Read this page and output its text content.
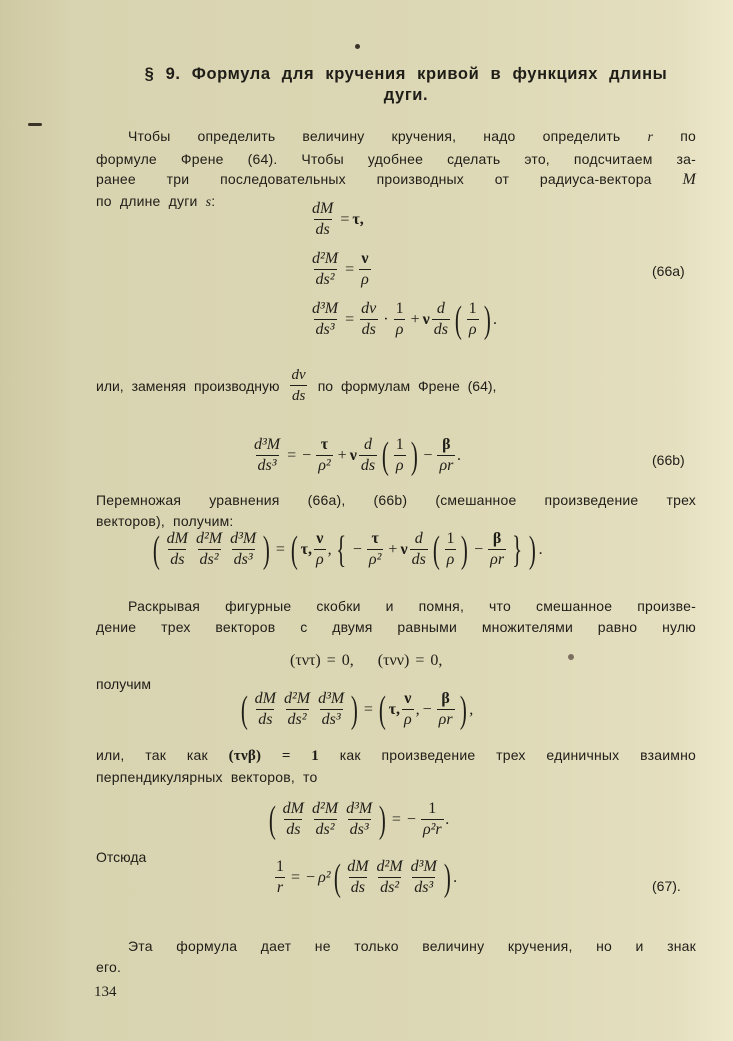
§ 9. Формула для кручения кривой в функциях длины
дуги.
Чтобы определить величину кручения, надо определить r по
формуле Френе (64). Чтобы удобнее сделать это, подсчитаем за-
ранее три последовательных производных от радиуса-вектора M
по длине дуги s:	$\frac{dM}{ds} = \tau$,
$\frac{\text{d²M}}{\text{ds²}} = \frac{\nu}{\rho}$	(66a)
$\frac{\text{d³M}}{\text{ds³}} = \frac{d\nu}{ds} \cdot \frac{1}{\rho} + \nu \frac{d}{ds}$ ( $\frac{1}{\rho}$ ) .
или, заменяя производную $\frac{d\nu}{ds}$ по формулам Френе (64),
$\frac{\text{d³M}}{\text{ds³}}$ = − $\frac{\tau}{\text{ρ²}} + \nu \frac{d}{ds}$ ( $\frac{1}{\rho}$ ) − $\frac{\beta}{\rho r}$ .	(66b)
Перемножая уравнения (66a), (66b) (смешанное произведение трех
векторов), получим:
( $\frac{dM}{ds} \frac{\text{d²M}}{\text{ds²}} \frac{\text{d³M}}{\text{ds³}}$ ) = ( τ, $\frac{\nu}{\rho}$ , { − $\frac{\tau}{\text{ρ²}} + \nu \frac{d}{ds}$ ( $\frac{1}{\rho}$ ) − $\frac{\beta}{\rho r}$ } ) .
Раскрывая фигурные скобки и помня, что смешанное произве-
дение трех векторов с двумя равными множителями равно нулю
(τντ) = 0, (τνν) = 0,
получим
( $\frac{dM}{ds} \frac{\text{d²M}}{\text{ds²}} \frac{\text{d³M}}{\text{ds³}}$ ) = ( τ, $\frac{\nu}{\rho}$ , − $\frac{\beta}{\rho r}$ ) ,
или, так как (τνβ) = 1 как произведение трех единичных взаимно
перпендикулярных векторов, то
( $\frac{dM}{ds} \frac{\text{d²M}}{\text{ds²}} \frac{\text{d³M}}{\text{ds³}}$ ) = − $\frac{1}{\text{ρ²r}}$ .
Отсюда
$\frac{1}{r}$ = − ρ² ( $\frac{dM}{ds} \frac{\text{d²M}}{\text{ds²}} \frac{\text{d³M}}{\text{ds³}}$ ) .
(67).
Эта формула дает не только величину кручения, но и знак
его.
134
